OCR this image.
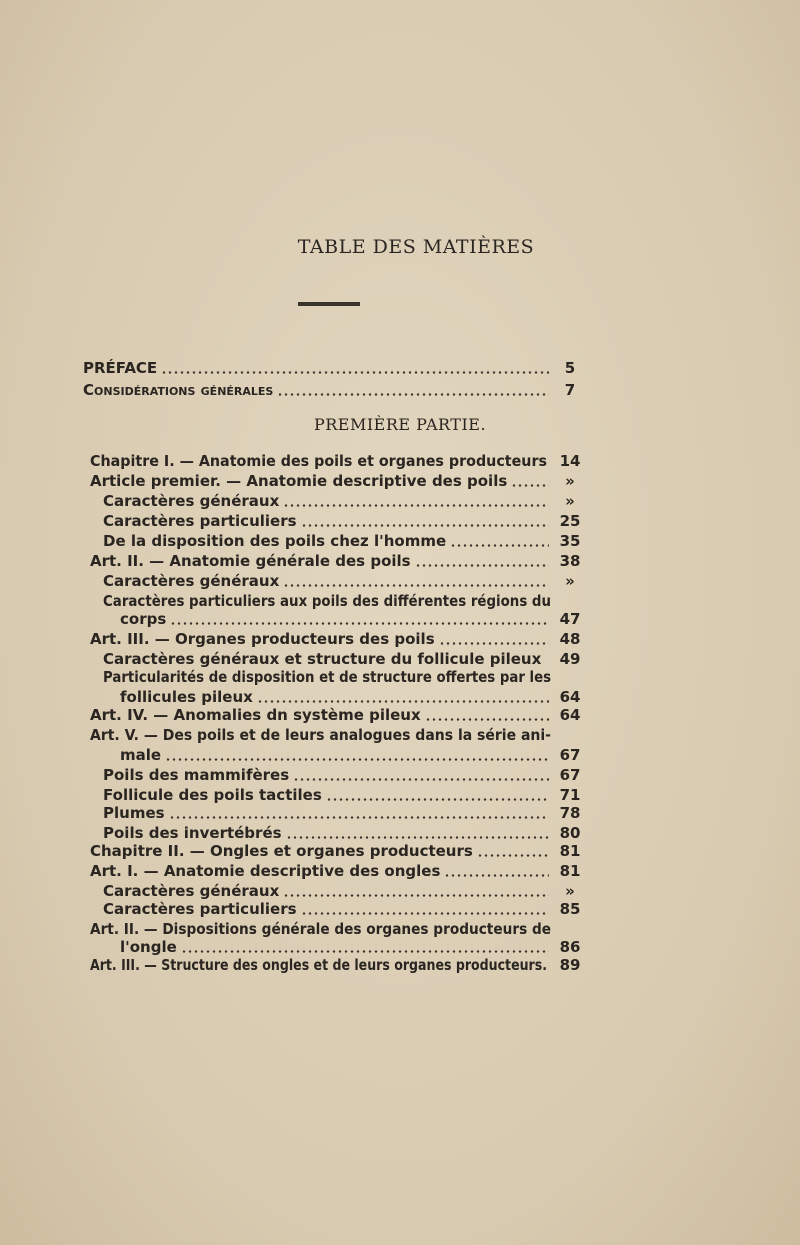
TABLE DES MATIÈRES
PREMIÈRE PARTIE.
PRÉFACE	5
Considérations générales	7
Chapitre I. — Anatomie des poils et organes producteurs 14
Article premier. — Anatomie descriptive des poils	»
Caractères généraux	»
Caractères particuliers	25
De la disposition des poils chez l'homme	35
Art. II. — Anatomie générale des poils	38
Caractères généraux	»
Caractères particuliers aux poils des différentes régions du
corps	47
Art. III. — Organes producteurs des poils	48
Caractères généraux et structure du follicule pileux	49
Particularités de disposition et de structure offertes par les
follicules pileux	64
Art. IV. — Anomalies dn système pileux	64
Art. V. — Des poils et de leurs analogues dans la série ani-
male	67
Poils des mammifères	67
Follicule des poils tactiles	71
Plumes	78
Poils des invertébrés	80
Chapitre II. — Ongles et organes producteurs	81
Art. I. — Anatomie descriptive des ongles	81
Caractères généraux	»
Caractères particuliers	85
Art. II. — Dispositions générale des organes producteurs de
l'ongle	86
Art. III. — Structure des ongles et de leurs organes producteurs. 89
